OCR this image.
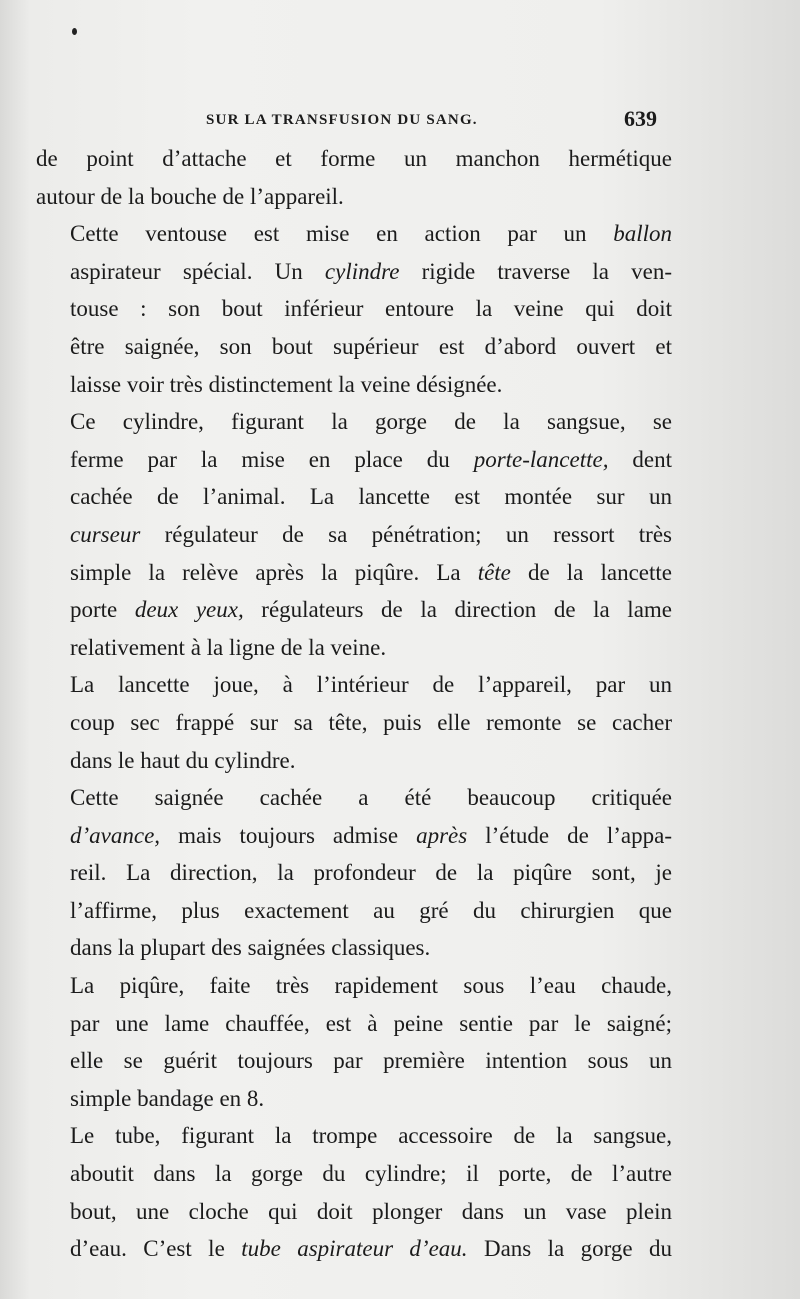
SUR LA TRANSFUSION DU SANG.	639

de point d’attache et forme un manchon hermétique
autour de la bouche de l’appareil.

Cette ventouse est mise en action par un ballon
aspirateur spécial. Un cylindre rigide traverse la ven-
touse : son bout inférieur entoure la veine qui doit
être saignée, son bout supérieur est d’abord ouvert et
laisse voir très distinctement la veine désignée.

Ce cylindre, figurant la gorge de la sangsue, se
ferme par la mise en place du porte-lancette, dent
cachée de l’animal. La lancette est montée sur un
curseur régulateur de sa pénétration; un ressort très
simple la relève après la piqûre. La tête de la lancette
porte deux yeux, régulateurs de la direction de la lame
relativement à la ligne de la veine.

La lancette joue, à l’intérieur de l’appareil, par un
coup sec frappé sur sa tête, puis elle remonte se cacher
dans le haut du cylindre.

Cette saignée cachée a été beaucoup critiquée
d’avance, mais toujours admise après l’étude de l’appa-
reil. La direction, la profondeur de la piqûre sont, je
l’affirme, plus exactement au gré du chirurgien que
dans la plupart des saignées classiques.

La piqûre, faite très rapidement sous l’eau chaude,
par une lame chauffée, est à peine sentie par le saigné;
elle se guérit toujours par première intention sous un
simple bandage en 8.

Le tube, figurant la trompe accessoire de la sangsue,
aboutit dans la gorge du cylindre; il porte, de l’autre
bout, une cloche qui doit plonger dans un vase plein
d’eau. C’est le tube aspirateur d’eau. Dans la gorge du
